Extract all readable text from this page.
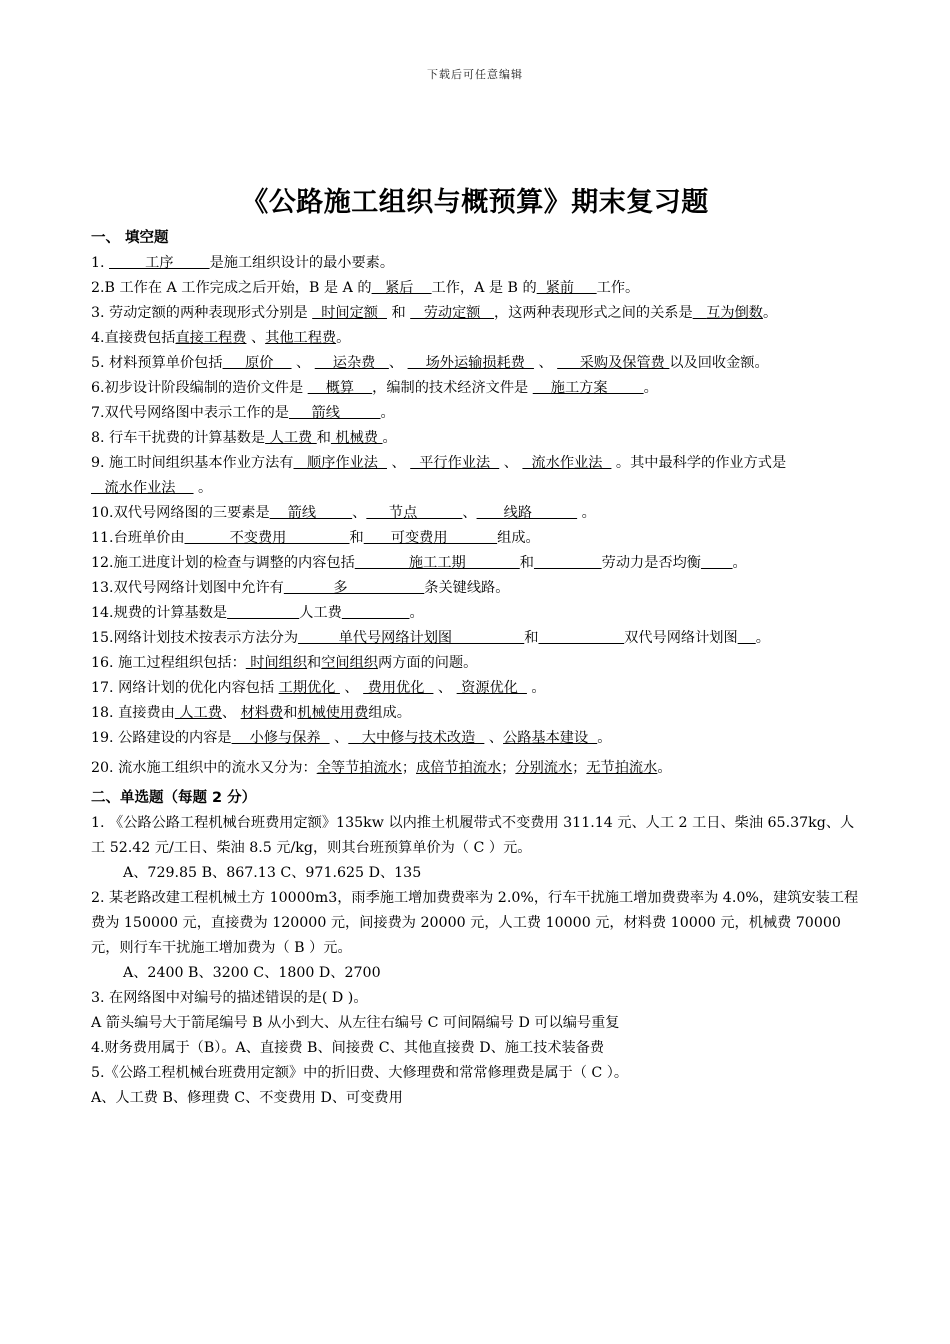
下载后可任意编辑
《公路施工组织与概预算》期末复习题
一、 填空题
1.         工序        是施工组织设计的最小要素。
2.B 工作在 A 工作完成之后开始，B 是 A 的   紧后    工作，A 是 B 的  紧前     工作。
3. 劳动定额的两种表现形式分别是   时间定额   和    劳动定额   ，这两种表现形式之间的关系是 互为倒数。
4.直接费包括直接工程费 、其他工程费。
5. 材料预算单价包括     原价     、     运杂费   、     场外运输损耗费   、      采购及保管费 以及回收金额。
6.初步设计阶段编制的造价文件是     概算    ，编制的技术经济文件是     施工方案        。
7.双代号网络图中表示工作的是     箭线         。
8. 行车干扰费的计算基数是 人工费 和 机械费 。
9. 施工时间组织基本作业方法有   顺序作业法   、   平行作业法   、   流水作业法   。其中最科学的作业方式是   流水作业法     。
10.双代号网络图的三要素是    箭线        、     节点          、      线路           。
11.台班单价由          不变费用              和      可变费用           组成。
12.施工进度计划的检查与调整的内容包括            施工工期            和	劳动力是否均衡 。
13.双代号网络计划图中允许有           多                 条关键线路。
14.规费的计算基数是	人工费	。
15.网络计划技术按表示方法分为         单代号网络计划图                和	双代号网络计划图 。
16. 施工过程组织包括： 时间组织和空间组织两方面的问题。
17. 网络计划的优化内容包括 工期优化  、  费用优化   、  资源优化   。
18. 直接费由 人工费、 材料费和机械使用费组成。
19. 公路建设的内容是    小修与保养   、   大中修与技术改造   、公路基本建设  。
20. 流水施工组织中的流水又分为：全等节拍流水；成倍节拍流水；分别流水；无节拍流水。
二、单选题（每题 2 分）
1. 《公路公路工程机械台班费用定额》135kw 以内推土机履带式不变费用 311.14 元、人工 2 工日、柴油 65.37kg、人工 52.42 元/工日、柴油 8.5 元/kg，则其台班预算单价为（ C ）元。
A、729.85 B、867.13 C、971.625 D、135
2. 某老路改建工程机械土方 10000m3，雨季施工增加费费率为 2.0%，行车干扰施工增加费费率为 4.0%，建筑安装工程费为 150000 元，直接费为 120000 元，间接费为 20000 元，人工费 10000 元，材料费 10000 元，机械费 70000 元，则行车干扰施工增加费为（ B ）元。
A、2400 B、3200 C、1800 D、2700
3. 在网络图中对编号的描述错误的是( D )。
A 箭头编号大于箭尾编号 B 从小到大、从左往右编号 C 可间隔编号 D 可以编号重复
4.财务费用属于（B）。A、直接费 B、间接费 C、其他直接费 D、施工技术装备费
5.《公路工程机械台班费用定额》中的折旧费、大修理费和常常修理费是属于（ C ）。
A、人工费 B、修理费 C、不变费用 D、可变费用
